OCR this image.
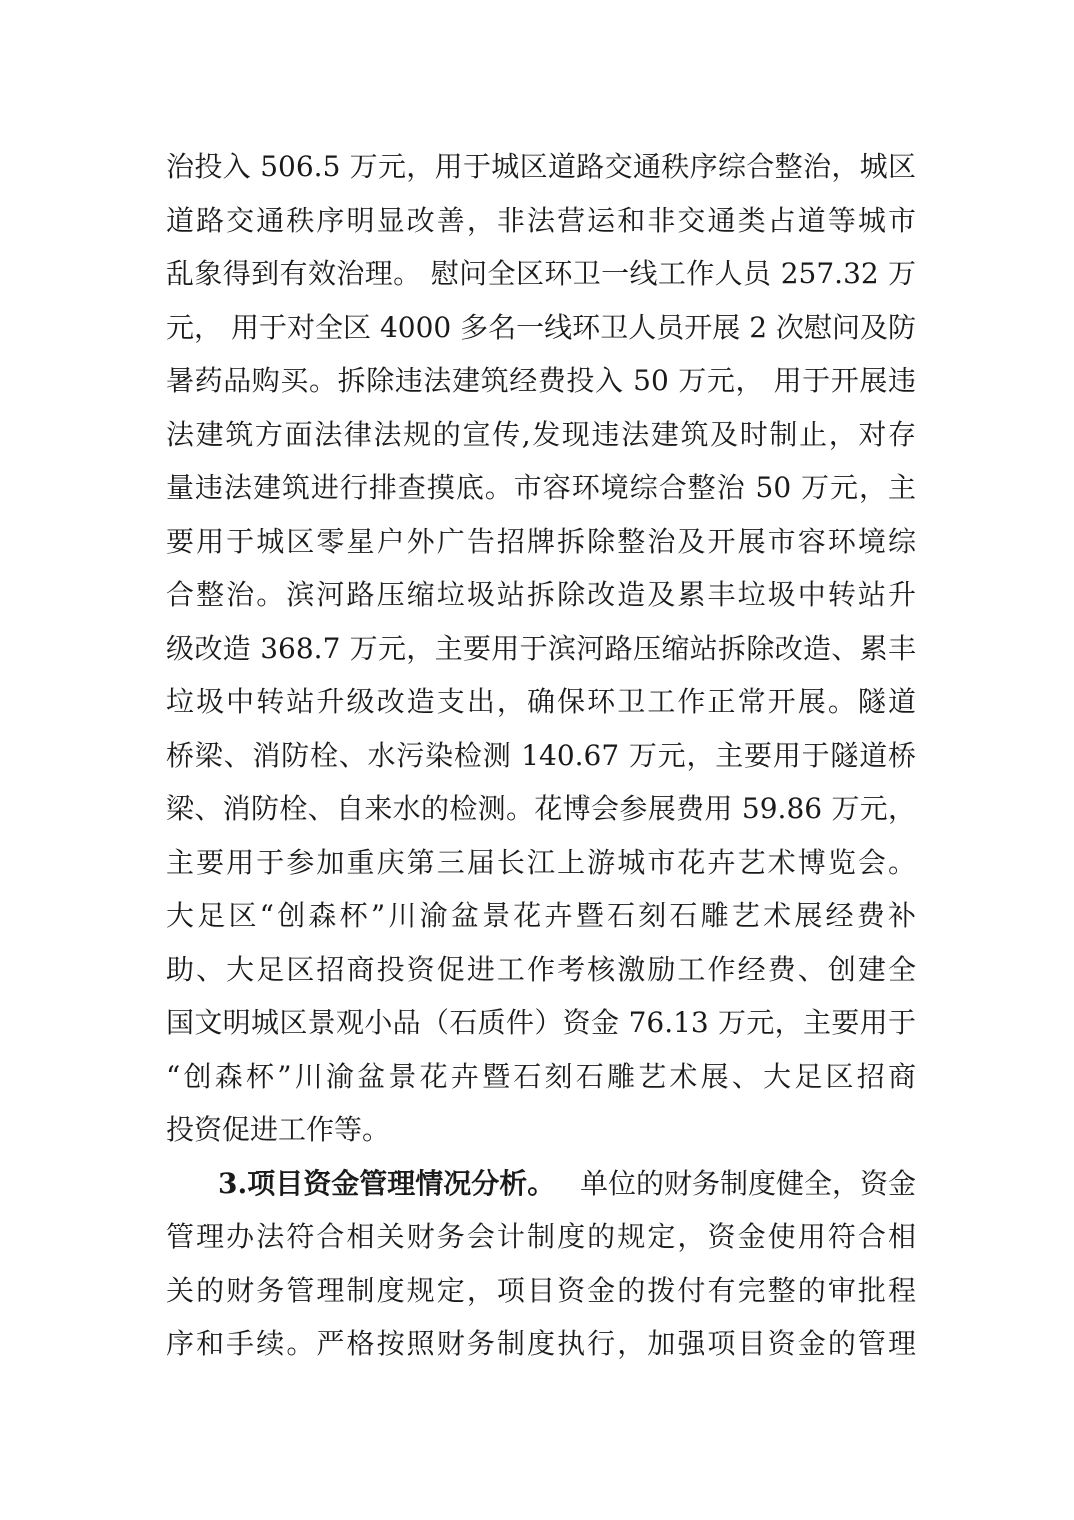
治投入 506.5 万元，用于城区道路交通秩序综合整治，城区
道路交通秩序明显改善，非法营运和非交通类占道等城市
乱象得到有效治理。 慰问全区环卫一线工作人员 257.32 万
元， 用于对全区 4000 多名一线环卫人员开展 2 次慰问及防
暑药品购买。拆除违法建筑经费投入 50 万元， 用于开展违
法建筑方面法律法规的宣传,发现违法建筑及时制止，对存
量违法建筑进行排查摸底。市容环境综合整治 50 万元，主
要用于城区零星户外广告招牌拆除整治及开展市容环境综
合整治。滨河路压缩垃圾站拆除改造及累丰垃圾中转站升
级改造 368.7 万元，主要用于滨河路压缩站拆除改造、累丰
垃圾中转站升级改造支出，确保环卫工作正常开展。隧道
桥梁、消防栓、水污染检测 140.67 万元，主要用于隧道桥
梁、消防栓、自来水的检测。花博会参展费用 59.86 万元，
主要用于参加重庆第三届长江上游城市花卉艺术博览会。
大足区“创森杯”川渝盆景花卉暨石刻石雕艺术展经费补
助、大足区招商投资促进工作考核激励工作经费、创建全
国文明城区景观小品（石质件）资金 76.13 万元，主要用于
“创森杯”川渝盆景花卉暨石刻石雕艺术展、大足区招商
投资促进工作等。
3.项目资金管理情况分析。 单位的财务制度健全，资金
管理办法符合相关财务会计制度的规定，资金使用符合相
关的财务管理制度规定，项目资金的拨付有完整的审批程
序和手续。严格按照财务制度执行，加强项目资金的管理
